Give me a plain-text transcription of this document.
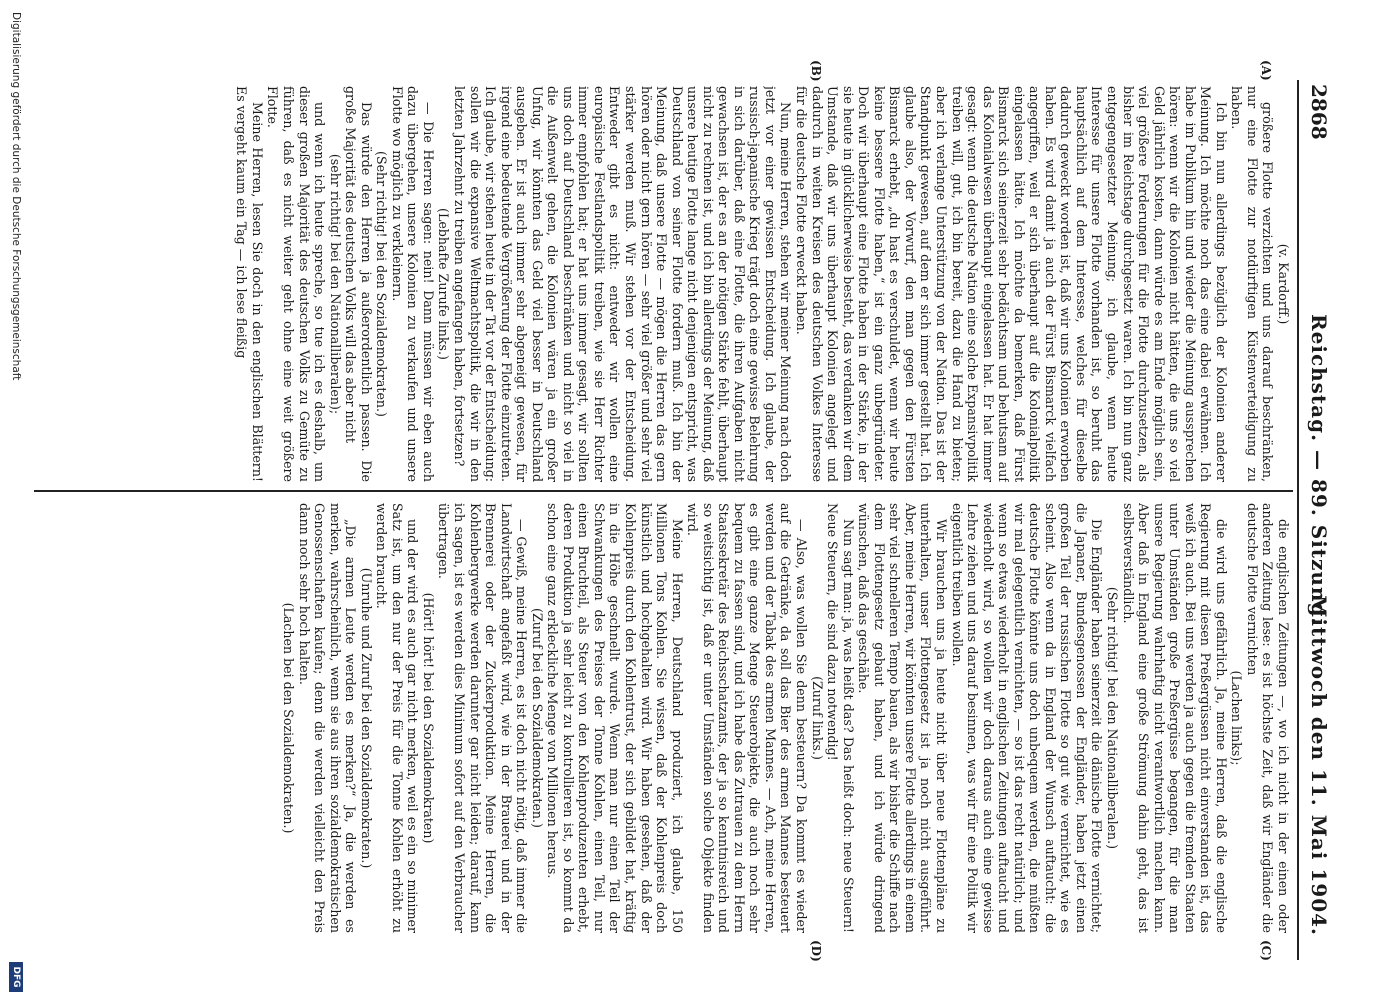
2868
Reichstag. — 89. Sitzung.
Mittwoch den 11. Mai 1904.
(A)
(B)
(C)
(D)

(v. Kardorff.)

größere Flotte verzichten und uns darauf beschränken, nur eine Flotte zur notdürftigen Küstenverteidigung zu haben.

Ich bin nun allerdings bezüglich der Kolonien anderer Meinung. Ich möchte noch das eine dabei erwähnen. Ich habe im Publikum hin und wieder die Meinung aussprechen hören: wenn wir die Kolonien nicht hätten, die uns so viel Geld jährlich kosten, dann würde es am Ende möglich sein, viel größere Forderungen für die Flotte durchzusetzen, als bisher im Reichstage durchgesetzt waren. Ich bin nun ganz entgegengesetzter Meinung; ich glaube, wenn heute Interesse für unsere Flotte vorhanden ist, so beruht das hauptsächlich auf dem Interesse, welches für dieselbe dadurch geweckt worden ist, daß wir uns Kolonien erworben haben. Es wird damit ja auch der Fürst Bismarck vielfach angegriffen, weil er sich überhaupt auf die Kolonialpolitik eingelassen hätte. Ich möchte da bemerken, daß Fürst Bismarck sich seinerzeit sehr bedächtsam und behutsam auf das Kolonialwesen überhaupt eingelassen hat. Er hat immer gesagt: wenn die deutsche Nation eine solche Expansivpolitik treiben will, gut, ich bin bereit, dazu die Hand zu bieten; aber ich verlange Unterstützung von der Nation. Das ist der Standpunkt gewesen, auf dem er sich immer gestellt hat. Ich glaube also, der Vorwurf, den man gegen den Fürsten Bismarck erhebt, „du hast es verschuldet, wenn wir heute keine bessere Flotte haben,“ ist ein ganz unbegründeter. Doch wir überhaupt eine Flotte haben in der Stärke, in der sie heute in glücklicherweise besteht, das verdanken wir dem Umstande, daß wir uns überhaupt Kolonien angelegt und dadurch in weiten Kreisen des deutschen Volkes Interesse für die deutsche Flotte erweckt haben.

Nun, meine Herren, stehen wir meiner Meinung nach doch jetzt vor einer gewissen Entscheidung. Ich glaube, der russisch-japanische Krieg trägt doch eine gewisse Belehrung in sich darüber, daß eine Flotte, die ihren Aufgaben nicht gewachsen ist, der es an der nötigen Stärke fehlt, überhaupt nicht zu rechnen ist, und ich bin allerdings der Meinung, daß unsere heutige Flotte lange nicht denjenigen entspricht, was Deutschland von seiner Flotte fordern muß. Ich bin der Meinung, daß unsere Flotte — mögen die Herren das gern hören oder nicht gern hören — sehr viel größer und sehr viel stärker werden muß. Wir stehen vor der Entscheidung. Entweder gibt es nicht: entweder wir wollen eine europäische Festlandspolitik treiben, wie sie Herr Richter immer empfohlen hat; er hat uns immer gesagt, wir sollten uns doch auf Deutschland beschränken und nicht so viel in die Außenwelt gehen, die Kolonien wären ja ein großer Unfug, wir könnten das Geld viel besser in Deutschland ausgeben. Er ist auch immer sehr abgeneigt gewesen, für irgend eine bedeutende Vergrößerung der Flotte einzutreten. Ich glaube, wir stehen heute in der Tat vor der Entscheidung: sollen wir die expansive Weltmachtspolitik, die wir in den letzten Jahrzehnt zu treiben angefangen haben, fortsetzen?

(Lebhafte Zurufe links.)

— Die Herren sagen: nein! Dann müssen wir eben auch dazu übergehen, unsere Kolonien zu verkaufen und unsere Flotte wo möglich zu verkleinern.

(Sehr richtig! bei den Sozialdemokraten.)

Das würde den Herren ja außerordentlich passen. Die große Majorität des deutschen Volks will das aber nicht

(sehr richtig! bei den Nationalliberalen);

und wenn ich heute spreche, so tue ich es deshalb, um dieser großen Majorität des deutschen Volks zu Gemüte zu führen, daß es nicht weiter geht ohne eine weit größere Flotte.

Meine Herren, lesen Sie doch in den englischen Blättern! Es vergeht kaum ein Tag — ich lese fleißig

die englischen Zeitungen —, wo ich nicht in der einen oder anderen Zeitung lese: es ist höchste Zeit, daß wir Engländer die deutsche Flotte vernichten

(Lachen links);

die wird uns gefährlich. Ja, meine Herren, daß die englische Regierung mit diesen Preßergüssen nicht einverstanden ist, das weiß ich auch. Bei uns werden ja auch gegen die fremden Staaten unter Umständen große Preßergüsse begangen, für die man unsere Regierung wahrhaftig nicht verantwortlich machen kann. Aber daß in England eine große Strömung dahin geht, das ist selbstverständlich.

(Sehr richtig! bei den Nationalliberalen.)

Die Engländer haben seinerzeit die dänische Flotte vernichtet; die Japaner, Bundesgenossen der Engländer, haben jetzt einen großen Teil der russischen Flotte so gut wie vernichtet, wie es scheint. Also wenn da in England der Wunsch auftaucht: die deutsche Flotte könnte uns doch unbequem werden, die müßten wir mal gelegentlich vernichten, — so ist das recht natürlich; und wenn so etwas wiederholt in englischen Zeitungen auftaucht und wiederholt wird, so wollen wir doch daraus auch eine gewisse Lehre ziehen und uns darauf besinnen, was wir für eine Politik wir eigentlich treiben wollen.

Wir brauchen uns ja heute nicht über neue Flottenpläne zu unterhalten, unser Flottengesetz ist ja noch nicht ausgeführt. Aber, meine Herren, wir könnten unsere Flotte allerdings in einem sehr viel schnelleren Tempo bauen, als wir bisher die Schiffe nach dem Flottengesetz gebaut haben, und ich würde dringend wünschen, daß das geschähe.

Nun sagt man: ja, was heißt das? Das heißt doch: neue Steuern! Neue Steuern, die sind dazu notwendig!

(Zuruf links.)

— Also, was wollen Sie denn besteuern? Da kommt es wieder auf die Getränke, da soll das Bier des armen Mannes besteuert werden und der Tabak des armen Mannes. — Ach, meine Herren, es gibt eine ganze Menge Steuerobjekte, die auch noch sehr bequem zu fassen sind, und ich habe das Zutrauen zu dem Herrn Staatssekretär des Reichsschatzamts, der ja so kenntnisreich und so weitsichtig ist, daß er unter Umständen solche Objekte finden wird.

Meine Herren, Deutschland produziert, ich glaube, 150 Millionen Tons Kohlen. Sie wissen, daß der Kohlenpreis doch künstlich und hochgehalten wird. Wir haben gesehen, daß der Kohlenpreis durch den Kohlentrust, der sich gebildet hat, kräftig in die Höhe geschnellt wurde. Wenn man nur einen Teil der Schwankungen des Preises der Tonne Kohlen, einen Teil, nur einen Bruchteil, als Steuer von den Kohlenproduzenten erhebt, deren Produktion ja sehr leicht zu kontrollieren ist, so kommt da schon eine ganz erkleckliche Menge von Millionen heraus.

(Zuruf bei den Sozialdemokraten.)

— Gewiß, meine Herren, es ist doch nicht nötig, daß immer die Landwirtschaft angefaßt wird, wie in der Brauerei und in der Brennerei oder der Zuckerproduktion. Meine Herren, die Kohlenbergwerke werden darunter gar nicht leiden; darauf, kann ich sagen, ist es werden dies Minimum sofort auf den Verbraucher übertragen.

(Hört! hört! bei den Sozialdemokraten)

und der wird es auch gar nicht merken, weil es ein so minimer Satz ist, um den nur der Preis für die Tonne Kohlen erhöht zu werden braucht.

(Unruhe und Zuruf bei den Sozialdemokraten.)

„Die armen Leute werden es merken?“ Ja, die werden es merken, wahrscheinlich, wenn sie aus ihren sozialdemokratischen Genossenschaften kaufen; denn die werden vielleicht den Preis dann noch sehr hoch halten.

(Lachen bei den Sozialdemokraten.)

Digitalisierung gefördert durch die Deutsche Forschungsgemeinschaft
DFG
